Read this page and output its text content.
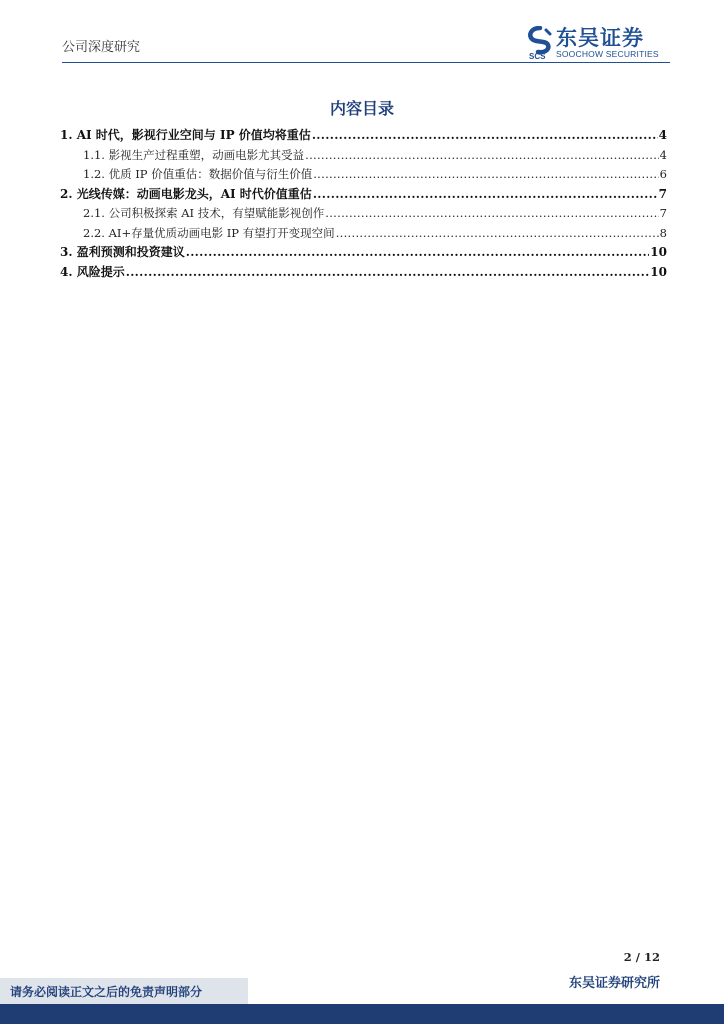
公司深度研究
SCS
东吴证券
SOOCHOW SECURITIES
内容目录
1. AI 时代，影视行业空间与 IP 价值均将重估 .....	4
1.1. 影视生产过程重塑，动画电影尤其受益 .....	4
1.2. 优质 IP 价值重估：数据价值与衍生价值 .....	6
2. 光线传媒：动画电影龙头，AI 时代价值重估 .....	7
2.1. 公司积极探索 AI 技术，有望赋能影视创作 .....	7
2.2. AI+存量优质动画电影 IP 有望打开变现空间 .....	8
3. 盈利预测和投资建议 .....	10
4. 风险提示 .....	10
2 / 12
东吴证券研究所
请务必阅读正文之后的免责声明部分
